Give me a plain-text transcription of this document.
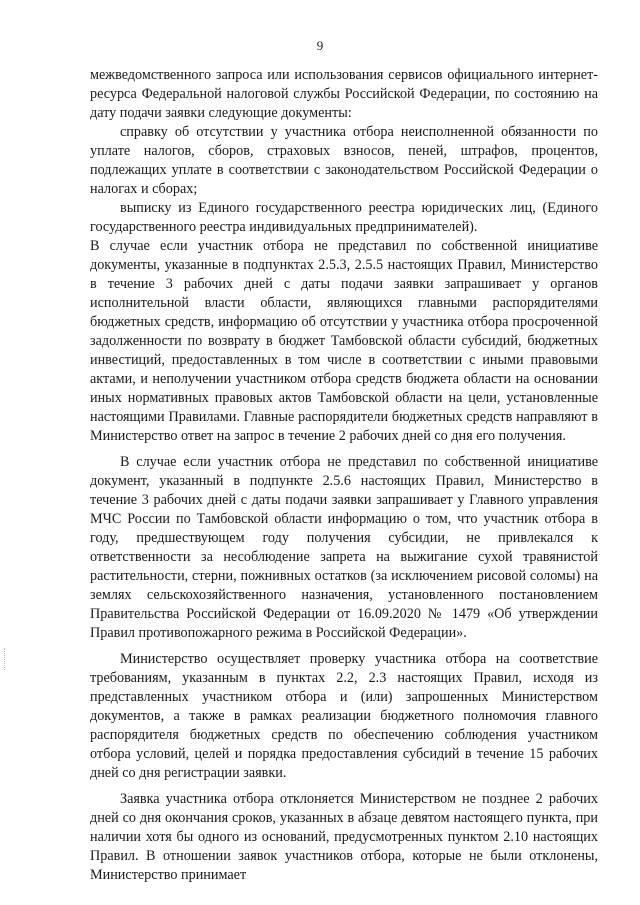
9

межведомственного запроса или использования сервисов официального интернет-ресурса Федеральной налоговой службы Российской Федерации, по состоянию на дату подачи заявки следующие документы:

справку об отсутствии у участника отбора неисполненной обязанности по уплате налогов, сборов, страховых взносов, пеней, штрафов, процентов, подлежащих уплате в соответствии с законодательством Российской Федерации о налогах и сборах;

выписку из Единого государственного реестра юридических лиц, (Единого государственного реестра индивидуальных предпринимателей).

В случае если участник отбора не представил по собственной инициативе документы, указанные в подпунктах 2.5.3, 2.5.5 настоящих Правил, Министерство в течение 3 рабочих дней с даты подачи заявки запрашивает у органов исполнительной власти области, являющихся главными распорядителями бюджетных средств, информацию об отсутствии у участника отбора просроченной задолженности по возврату в бюджет Тамбовской области субсидий, бюджетных инвестиций, предоставленных в том числе в соответствии с иными правовыми актами, и неполучении участником отбора средств бюджета области на основании иных нормативных правовых актов Тамбовской области на цели, установленные настоящими Правилами. Главные распорядители бюджетных средств направляют в Министерство ответ на запрос в течение 2 рабочих дней со дня его получения.

В случае если участник отбора не представил по собственной инициативе документ, указанный в подпункте 2.5.6 настоящих Правил, Министерство в течение 3 рабочих дней с даты подачи заявки запрашивает у Главного управления МЧС России по Тамбовской области информацию о том, что участник отбора в году, предшествующем году получения субсидии, не привлекался к ответственности за несоблюдение запрета на выжигание сухой травянистой растительности, стерни, пожнивных остатков (за исключением рисовой соломы) на землях сельскохозяйственного назначения, установленного постановлением Правительства Российской Федерации от 16.09.2020 № 1479 «Об утверждении Правил противопожарного режима в Российской Федерации».

Министерство осуществляет проверку участника отбора на соответствие требованиям, указанным в пунктах 2.2, 2.3 настоящих Правил, исходя из представленных участником отбора и (или) запрошенных Министерством документов, а также в рамках реализации бюджетного полномочия главного распорядителя бюджетных средств по обеспечению соблюдения участником отбора условий, целей и порядка предоставления субсидий в течение 15 рабочих дней со дня регистрации заявки.

Заявка участника отбора отклоняется Министерством не позднее 2 рабочих дней со дня окончания сроков, указанных в абзаце девятом настоящего пункта, при наличии хотя бы одного из оснований, предусмотренных пунктом 2.10 настоящих Правил. В отношении заявок участников отбора, которые не были отклонены, Министерство принимает
